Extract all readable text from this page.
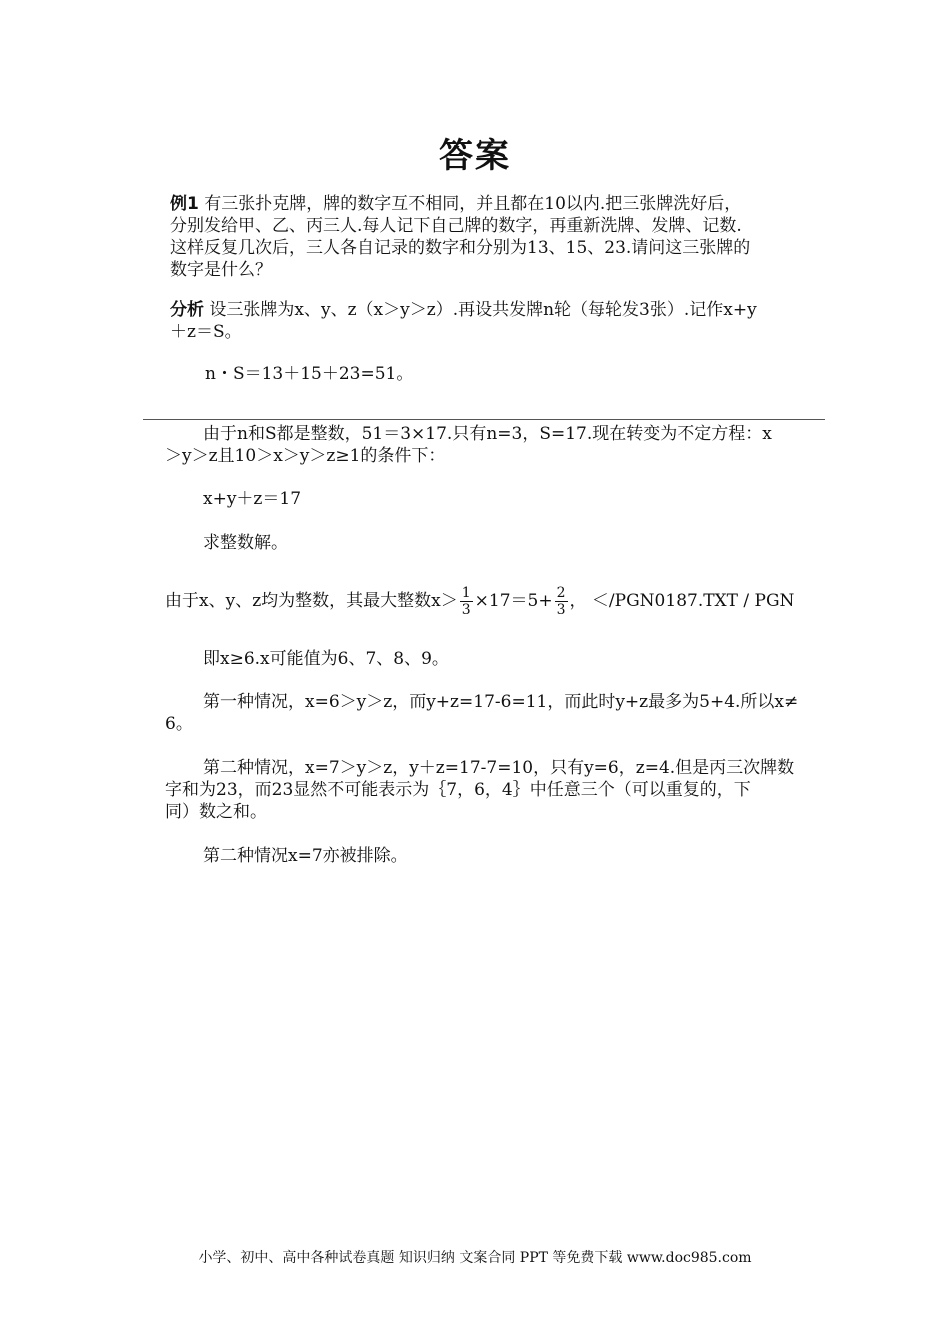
答案
例1 有三张扑克牌，牌的数字互不相同，并且都在10以内.把三张牌洗好后，
分别发给甲、乙、丙三人.每人记下自己牌的数字，再重新洗牌、发牌、记数.
这样反复几次后，三人各自记录的数字和分别为13、15、23.请问这三张牌的
数字是什么？
分析 设三张牌为x、y、z（x＞y＞z）.再设共发牌n轮（每轮发3张）.记作x+y
＋z＝S。
n・S＝13＋15＋23=51。
由于n和S都是整数，51＝3×17.只有n=3，S=17.现在转变为不定方程：x
＞y＞z且10＞x＞y＞z≥1的条件下：
x+y＋z＝17
求整数解。
由于x、y、z均为整数，其最大整数$x> \frac{1}{3} \times 17=5+ \frac{2}{3}$ ， ＜/PGN0187.TXT / PGN
即x≥6.x可能值为6、7、8、9。
第一种情况，x=6＞y＞z，而y+z=17-6=11，而此时y+z最多为5+4.所以x≠
6。
第二种情况，x=7＞y＞z，y＋z=17-7=10，只有y=6，z=4.但是丙三次牌数
字和为23，而23显然不可能表示为｛7，6，4｝中任意三个（可以重复的，下
同）数之和。
第二种情况x=7亦被排除。
小学、初中、高中各种试卷真题 知识归纳 文案合同 PPT 等免费下载 www.doc985.com
